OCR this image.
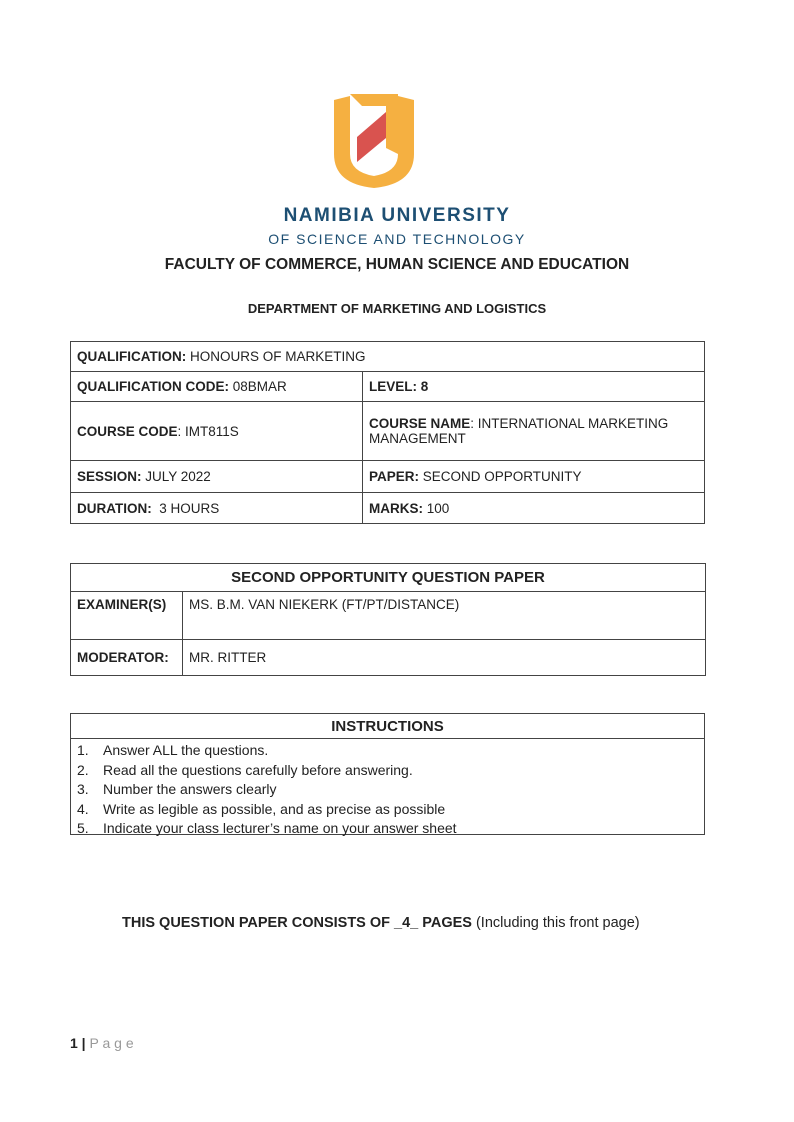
NAMIBIA UNIVERSITY
OF SCIENCE AND TECHNOLOGY
FACULTY OF COMMERCE, HUMAN SCIENCE AND EDUCATION
DEPARTMENT OF MARKETING AND LOGISTICS
QUALIFICATION: HONOURS OF MARKETING	
QUALIFICATION CODE: 08BMAR	LEVEL: 8
COURSE CODE: IMT811S	COURSE NAME: INTERNATIONAL MARKETING MANAGEMENT
SESSION: JULY 2022	PAPER: SECOND OPPORTUNITY
DURATION:  3 HOURS	MARKS: 100
SECOND OPPORTUNITY QUESTION PAPER	
EXAMINER(S)	MS. B.M. VAN NIEKERK (FT/PT/DISTANCE)
MODERATOR:	MR. RITTER
INSTRUCTIONS
1. Answer ALL the questions.
2. Read all the questions carefully before answering.
3. Number the answers clearly
4. Write as legible as possible, and as precise as possible
5. Indicate your class lecturer’s name on your answer sheet
THIS QUESTION PAPER CONSISTS OF _4_ PAGES (Including this front page)
1 | P a g e
